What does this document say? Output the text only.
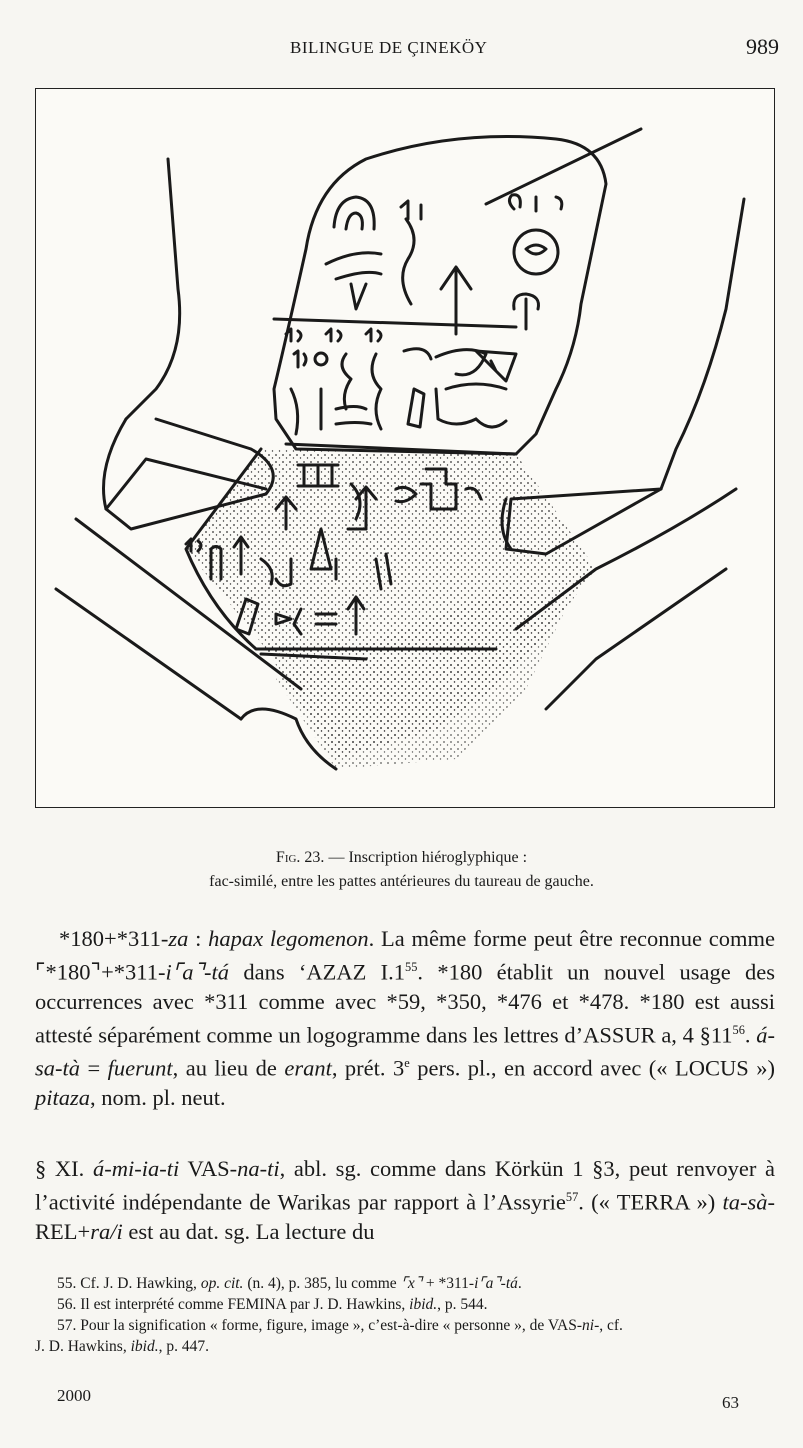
BILINGUE DE ÇINEKÖY	989
Fig. 23. — Inscription hiéroglyphique :
fac-similé, entre les pattes antérieures du taureau de gauche.
*180+*311-za : hapax legomenon. La même forme peut être reconnue comme ⌜*180⌝+*311-i⌜a⌝-tá dans ‘AZAZ $I.1^{55}$. *180 établit un nouvel usage des occurrences avec *311 comme avec *59, *350, *476 et *478. *180 est aussi attesté séparément comme un logogramme dans les lettres d’ASSUR a, 4 $\S 11^{56}$. á-sa-tà = fuerunt, au lieu de erant, prét. 3e pers. pl., en accord avec (« LOCUS ») pitaza, nom. pl. neut.
§ XI. á-mi-ia-ti VAS-na-ti, abl. sg. comme dans Körkün 1 §3, peut renvoyer à l’activité indépendante de Warikas par rapport à l’Assyrie$^{57}$. (« TERRA ») ta-sà-REL+ra/i est au dat. sg. La lecture du
55. Cf. J. D. Hawking, op. cit. (n. 4), p. 385, lu comme ⌜x⌝ + *311-i⌜a⌝-tá.
56. Il est interprété comme FEMINA par J. D. Hawkins, ibid., p. 544.
57. Pour la signification « forme, figure, image », c’est-à-dire « personne », de VAS-ni-, cf.
J. D. Hawkins, ibid., p. 447.
2000	63
